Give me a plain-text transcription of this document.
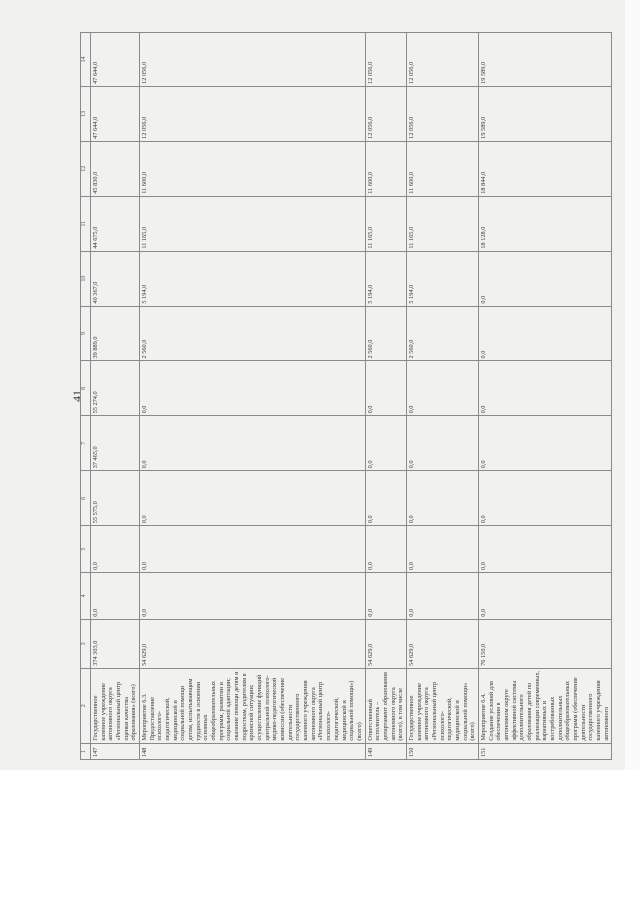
41
1	2	3	4	5	6	7	8	9	10	11	12	13	14
147	Государственное казенное учреждение автономного округа «Региональный центр оценки качества образования» (всего)	374 303,0	0,0	0,0	55 575,0	37 465,0	55 274,0	39 889,0	40 367,0	44 675,0	45 830,0	47 644,0	47 644,0
148	Мероприятие 6.3. Предоставление психолого-педагогической, медицинской и социальной помощи детям, испытывающим трудности в освоении основных общеобразовательных программ, развитии и социальной адаптации; оказание помощи детям и подросткам, родителям в кризисной ситуации; осуществление функций центральной психолого-медико-педагогической комиссии (обеспечение деятельности государственного казенного учреждения автономного округа «Региональный центр психолого-педагогической, медицинской и социальной помощи») (всего)	54 629,0	0,0	0,0	0,0	0,0	0,0	2 560,0	5 194,0	11 165,0	11 600,0	12 056,0	12 056,0
149	Ответственный исполнитель – департамент образования автономного округа (всего), в том числе	54 629,0	0,0	0,0	0,0	0,0	0,0	2 560,0	5 194,0	11 165,0	11 600,0	12 056,0	12 056,0
150	Государственное казенное учреждение автономного округа «Региональный центр психолого-педагогической, медицинской и социальной помощи» (всего)	54 629,0	0,0	0,0	0,0	0,0	0,0	2 560,0	5 194,0	11 165,0	11 600,0	12 056,0	12 056,0
151	Мероприятие 6.4. Создание условий для обеспечения в автономном округе эффективной системы дополнительного образования детей по реализации современных, вариативных и востребованных дополнительных общеобразовательных программ (обеспечение деятельности государственного казенного учреждения автономного	76 150,0	0,0	0,0	0,0	0,0	0,0	0,0	0,0	18 128,0	18 844,0	19 589,0	19 589,0
